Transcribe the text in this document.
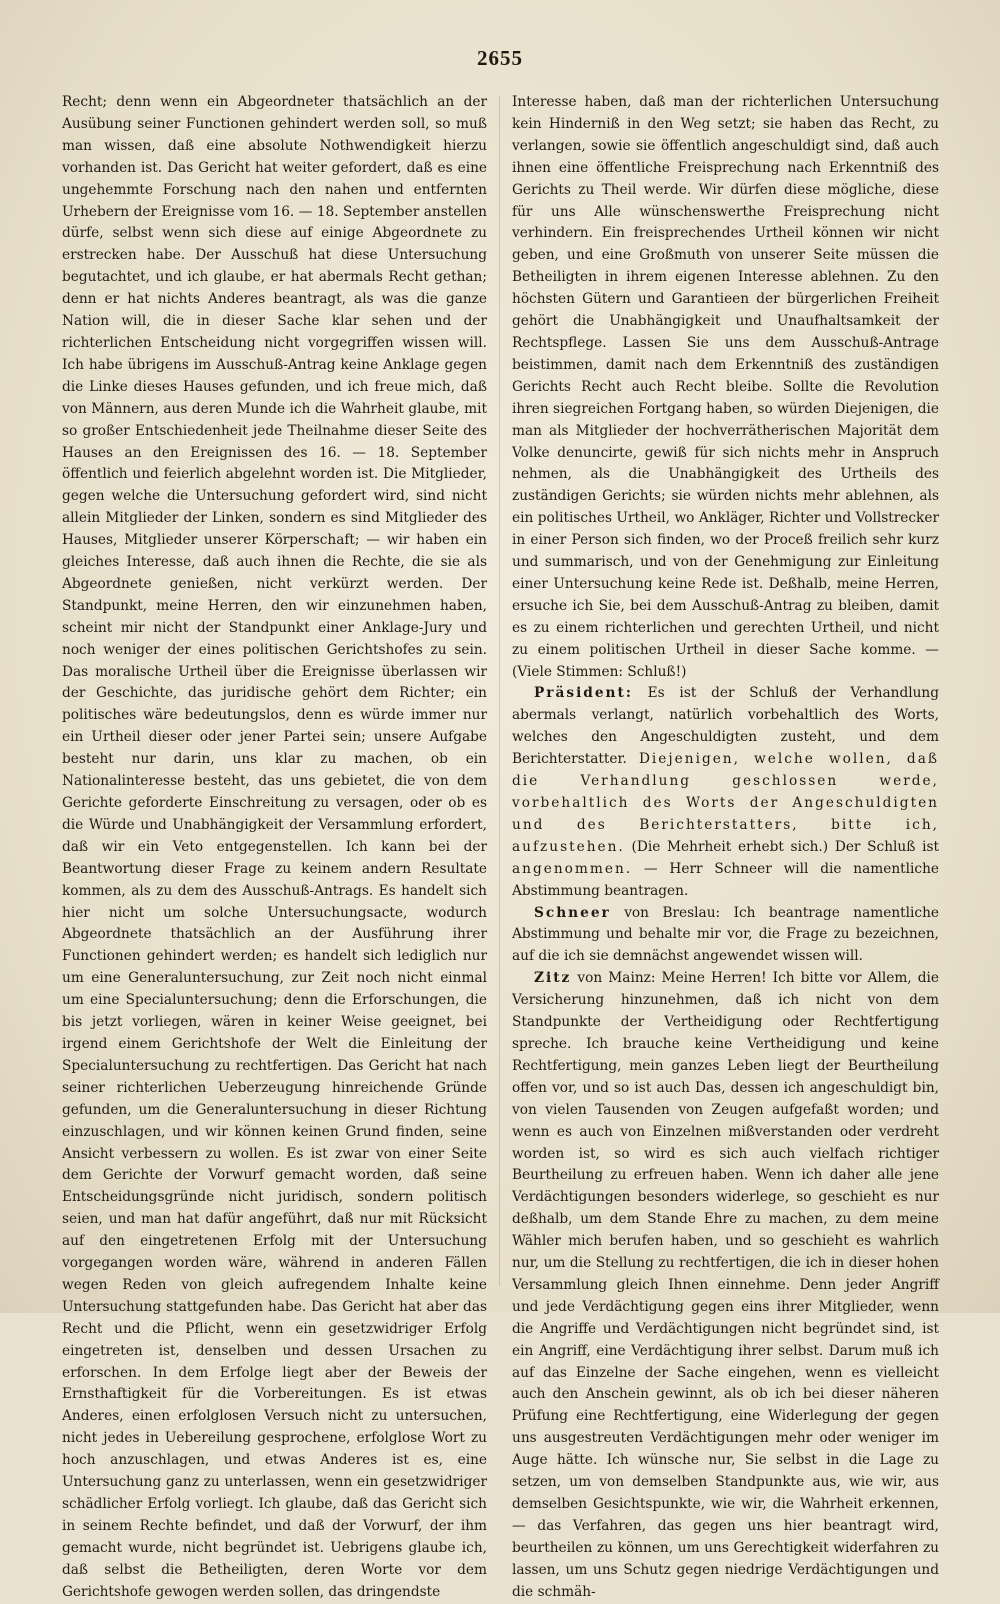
2655

Recht; denn wenn ein Abgeordneter thatsächlich an der Ausübung seiner Functionen gehindert werden soll, so muß man wissen, daß eine absolute Nothwendigkeit hierzu vorhanden ist. Das Gericht hat weiter gefordert, daß es eine ungehemmte Forschung nach den nahen und entfernten Urhebern der Ereignisse vom 16. — 18. September anstellen dürfe, selbst wenn sich diese auf einige Abgeordnete zu erstrecken habe. Der Ausschuß hat diese Untersuchung begutachtet, und ich glaube, er hat abermals Recht gethan; denn er hat nichts Anderes beantragt, als was die ganze Nation will, die in dieser Sache klar sehen und der richterlichen Entscheidung nicht vorgegriffen wissen will. Ich habe übrigens im Ausschuß-Antrag keine Anklage gegen die Linke dieses Hauses gefunden, und ich freue mich, daß von Männern, aus deren Munde ich die Wahrheit glaube, mit so großer Entschiedenheit jede Theilnahme dieser Seite des Hauses an den Ereignissen des 16. — 18. September öffentlich und feierlich abgelehnt worden ist. Die Mitglieder, gegen welche die Untersuchung gefordert wird, sind nicht allein Mitglieder der Linken, sondern es sind Mitglieder des Hauses, Mitglieder unserer Körperschaft; — wir haben ein gleiches Interesse, daß auch ihnen die Rechte, die sie als Abgeordnete genießen, nicht verkürzt werden. Der Standpunkt, meine Herren, den wir einzunehmen haben, scheint mir nicht der Standpunkt einer Anklage-Jury und noch weniger der eines politischen Gerichtshofes zu sein. Das moralische Urtheil über die Ereignisse überlassen wir der Geschichte, das juridische gehört dem Richter; ein politisches wäre bedeutungslos, denn es würde immer nur ein Urtheil dieser oder jener Partei sein; unsere Aufgabe besteht nur darin, uns klar zu machen, ob ein Nationalinteresse besteht, das uns gebietet, die von dem Gerichte geforderte Einschreitung zu versagen, oder ob es die Würde und Unabhängigkeit der Versammlung erfordert, daß wir ein Veto entgegenstellen. Ich kann bei der Beantwortung dieser Frage zu keinem andern Resultate kommen, als zu dem des Ausschuß-Antrags. Es handelt sich hier nicht um solche Untersuchungsacte, wodurch Abgeordnete thatsächlich an der Ausführung ihrer Functionen gehindert werden; es handelt sich lediglich nur um eine Generaluntersuchung, zur Zeit noch nicht einmal um eine Specialuntersuchung; denn die Erforschungen, die bis jetzt vorliegen, wären in keiner Weise geeignet, bei irgend einem Gerichtshofe der Welt die Einleitung der Specialuntersuchung zu rechtfertigen. Das Gericht hat nach seiner richterlichen Ueberzeugung hinreichende Gründe gefunden, um die Generaluntersuchung in dieser Richtung einzuschlagen, und wir können keinen Grund finden, seine Ansicht verbessern zu wollen. Es ist zwar von einer Seite dem Gerichte der Vorwurf gemacht worden, daß seine Entscheidungsgründe nicht juridisch, sondern politisch seien, und man hat dafür angeführt, daß nur mit Rücksicht auf den eingetretenen Erfolg mit der Untersuchung vorgegangen worden wäre, während in anderen Fällen wegen Reden von gleich aufregendem Inhalte keine Untersuchung stattgefunden habe. Das Gericht hat aber das Recht und die Pflicht, wenn ein gesetzwidriger Erfolg eingetreten ist, denselben und dessen Ursachen zu erforschen. In dem Erfolge liegt aber der Beweis der Ernsthaftigkeit für die Vorbereitungen. Es ist etwas Anderes, einen erfolglosen Versuch nicht zu untersuchen, nicht jedes in Uebereilung gesprochene, erfolglose Wort zu hoch anzuschlagen, und etwas Anderes ist es, eine Untersuchung ganz zu unterlassen, wenn ein gesetzwidriger schädlicher Erfolg vorliegt. Ich glaube, daß das Gericht sich in seinem Rechte befindet, und daß der Vorwurf, der ihm gemacht wurde, nicht begründet ist. Uebrigens glaube ich, daß selbst die Betheiligten, deren Worte vor dem Gerichtshofe gewogen werden sollen, das dringendste

Interesse haben, daß man der richterlichen Untersuchung kein Hinderniß in den Weg setzt; sie haben das Recht, zu verlangen, sowie sie öffentlich angeschuldigt sind, daß auch ihnen eine öffentliche Freisprechung nach Erkenntniß des Gerichts zu Theil werde. Wir dürfen diese mögliche, diese für uns Alle wünschenswerthe Freisprechung nicht verhindern. Ein freisprechendes Urtheil können wir nicht geben, und eine Großmuth von unserer Seite müssen die Betheiligten in ihrem eigenen Interesse ablehnen. Zu den höchsten Gütern und Garantieen der bürgerlichen Freiheit gehört die Unabhängigkeit und Unaufhaltsamkeit der Rechtspflege. Lassen Sie uns dem Ausschuß-Antrage beistimmen, damit nach dem Erkenntniß des zuständigen Gerichts Recht auch Recht bleibe. Sollte die Revolution ihren siegreichen Fortgang haben, so würden Diejenigen, die man als Mitglieder der hochverrätherischen Majorität dem Volke denuncirte, gewiß für sich nichts mehr in Anspruch nehmen, als die Unabhängigkeit des Urtheils des zuständigen Gerichts; sie würden nichts mehr ablehnen, als ein politisches Urtheil, wo Ankläger, Richter und Vollstrecker in einer Person sich finden, wo der Proceß freilich sehr kurz und summarisch, und von der Genehmigung zur Einleitung einer Untersuchung keine Rede ist. Deßhalb, meine Herren, ersuche ich Sie, bei dem Ausschuß-Antrag zu bleiben, damit es zu einem richterlichen und gerechten Urtheil, und nicht zu einem politischen Urtheil in dieser Sache komme. — (Viele Stimmen: Schluß!)

Präsident: Es ist der Schluß der Verhandlung abermals verlangt, natürlich vorbehaltlich des Worts, welches den Angeschuldigten zusteht, und dem Berichterstatter. Diejenigen, welche wollen, daß die Verhandlung geschlossen werde, vorbehaltlich des Worts der Angeschuldigten und des Berichterstatters, bitte ich, aufzustehen. (Die Mehrheit erhebt sich.) Der Schluß ist angenommen. — Herr Schneer will die namentliche Abstimmung beantragen.

Schneer von Breslau: Ich beantrage namentliche Abstimmung und behalte mir vor, die Frage zu bezeichnen, auf die ich sie demnächst angewendet wissen will.

Zitz von Mainz: Meine Herren! Ich bitte vor Allem, die Versicherung hinzunehmen, daß ich nicht von dem Standpunkte der Vertheidigung oder Rechtfertigung spreche. Ich brauche keine Vertheidigung und keine Rechtfertigung, mein ganzes Leben liegt der Beurtheilung offen vor, und so ist auch Das, dessen ich angeschuldigt bin, von vielen Tausenden von Zeugen aufgefaßt worden; und wenn es auch von Einzelnen mißverstanden oder verdreht worden ist, so wird es sich auch vielfach richtiger Beurtheilung zu erfreuen haben. Wenn ich daher alle jene Verdächtigungen besonders widerlege, so geschieht es nur deßhalb, um dem Stande Ehre zu machen, zu dem meine Wähler mich berufen haben, und so geschieht es wahrlich nur, um die Stellung zu rechtfertigen, die ich in dieser hohen Versammlung gleich Ihnen einnehme. Denn jeder Angriff und jede Verdächtigung gegen eins ihrer Mitglieder, wenn die Angriffe und Verdächtigungen nicht begründet sind, ist ein Angriff, eine Verdächtigung ihrer selbst. Darum muß ich auf das Einzelne der Sache eingehen, wenn es vielleicht auch den Anschein gewinnt, als ob ich bei dieser näheren Prüfung eine Rechtfertigung, eine Widerlegung der gegen uns ausgestreuten Verdächtigungen mehr oder weniger im Auge hätte. Ich wünsche nur, Sie selbst in die Lage zu setzen, um von demselben Standpunkte aus, wie wir, aus demselben Gesichtspunkte, wie wir, die Wahrheit erkennen, — das Verfahren, das gegen uns hier beantragt wird, beurtheilen zu können, um uns Gerechtigkeit widerfahren zu lassen, um uns Schutz gegen niedrige Verdächtigungen und die schmäh-
